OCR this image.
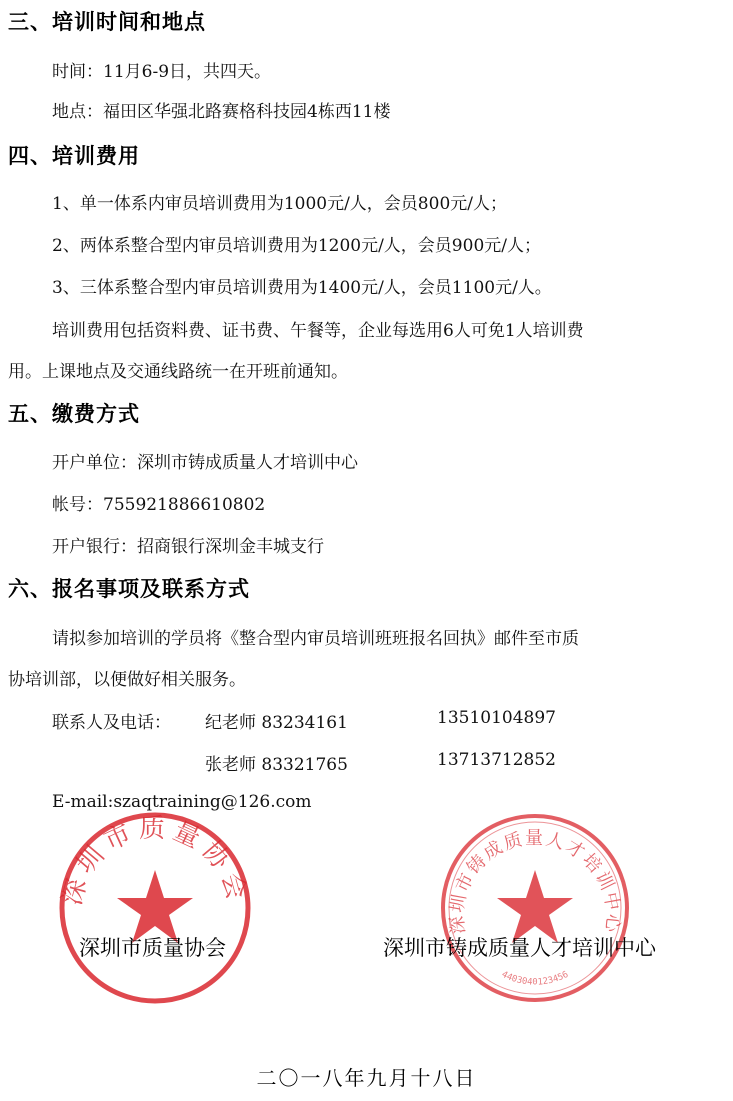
三、培训时间和地点
时间：11月6-9日，共四天。
地点：福田区华强北路赛格科技园4栋西11楼
四、培训费用
1、单一体系内审员培训费用为1000元/人，会员800元/人；
2、两体系整合型内审员培训费用为1200元/人，会员900元/人；
3、三体系整合型内审员培训费用为1400元/人，会员1100元/人。
培训费用包括资料费、证书费、午餐等，企业每选用6人可免1人培训费
用。上课地点及交通线路统一在开班前通知。
五、缴费方式
开户单位：深圳市铸成质量人才培训中心
帐号：755921886610802
开户银行：招商银行深圳金丰城支行
六、报名事项及联系方式
请拟参加培训的学员将《整合型内审员培训班班报名回执》邮件至市质
协培训部，以便做好相关服务。
联系人及电话： 纪老师 83234161	13510104897
张老师 83321765	13713712852
E-mail:szaqtraining@126.com
深圳市质量协会
深圳市铸成质量人才培训中心
4403040123456
深圳市质量协会	深圳市铸成质量人才培训中心
二〇一八年九月十八日
